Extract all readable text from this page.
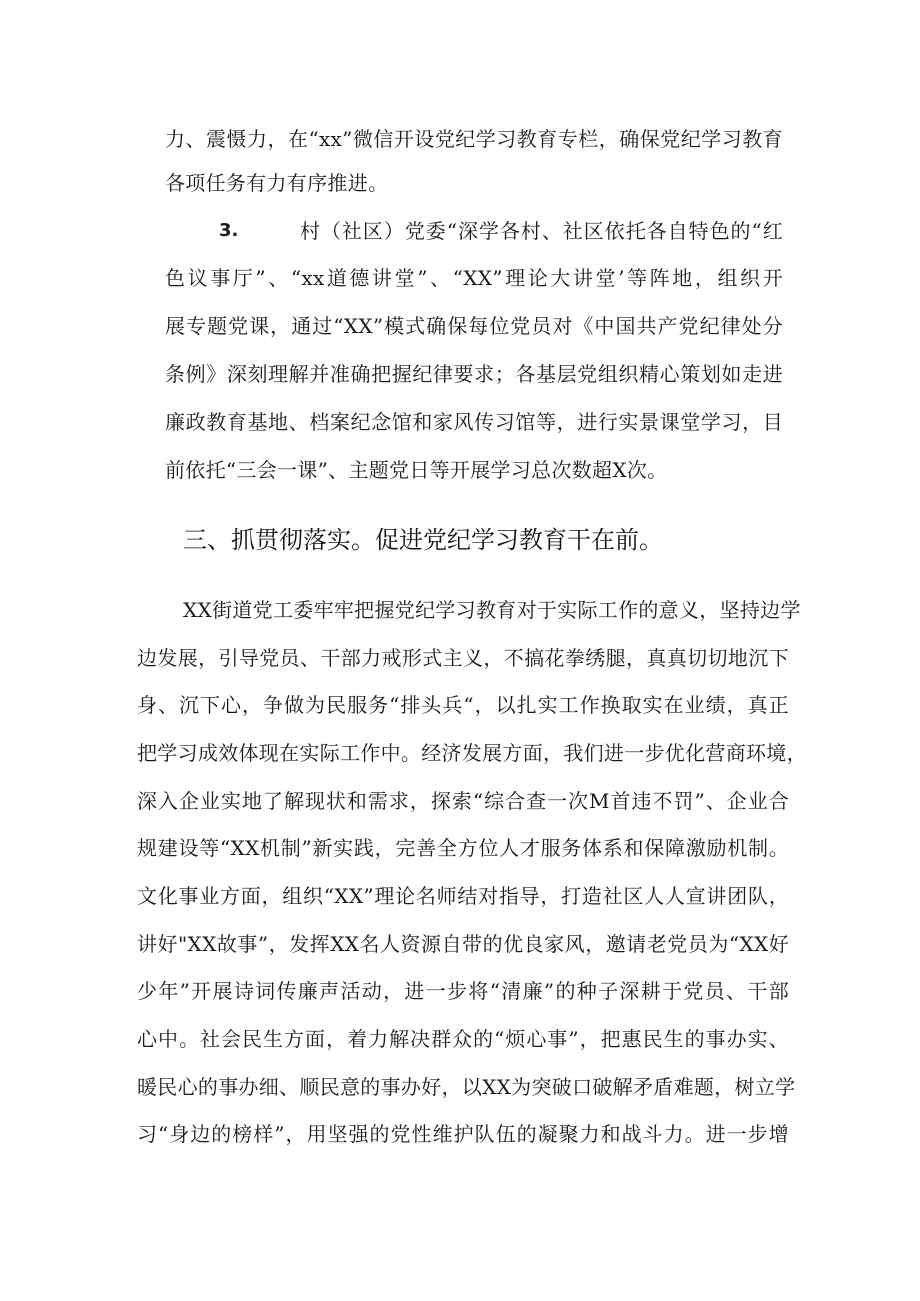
力、震慑力，在“xx”微信开设党纪学习教育专栏，确保党纪学习教育
各项任务有力有序推进。
3.	村（社区）党委“深学各村、社区依托各自特色的“红
色议事厅”、“xx道德讲堂”、“XX”理论大讲堂’等阵地，组织开
展专题党课，通过“XX”模式确保每位党员对《中国共产党纪律处分
条例》深刻理解并准确把握纪律要求；各基层党组织精心策划如走进
廉政教育基地、档案纪念馆和家风传习馆等，进行实景课堂学习，目
前依托“三会一课”、主题党日等开展学习总次数超X次。
三、抓贯彻落实。促进党纪学习教育干在前。
XX街道党工委牢牢把握党纪学习教育对于实际工作的意义，坚持边学
边发展，引导党员、干部力戒形式主义，不搞花拳绣腿，真真切切地沉下
身、沉下心，争做为民服务“排头兵“，以扎实工作换取实在业绩，真正
把学习成效体现在实际工作中。经济发展方面，我们进一步优化营商环境，
深入企业实地了解现状和需求，探索“综合查一次M首违不罚”、企业合
规建设等“XX机制”新实践，完善全方位人才服务体系和保障激励机制。
文化事业方面，组织“XX”理论名师结对指导，打造社区人人宣讲团队，
讲好"XX故事”，发挥XX名人资源自带的优良家风，邀请老党员为“XX好
少年”开展诗词传廉声活动，进一步将“清廉”的种子深耕于党员、干部
心中。社会民生方面，着力解决群众的“烦心事”，把惠民生的事办实、
暖民心的事办细、顺民意的事办好，以XX为突破口破解矛盾难题，树立学
习“身边的榜样”，用坚强的党性维护队伍的凝聚力和战斗力。进一步增
